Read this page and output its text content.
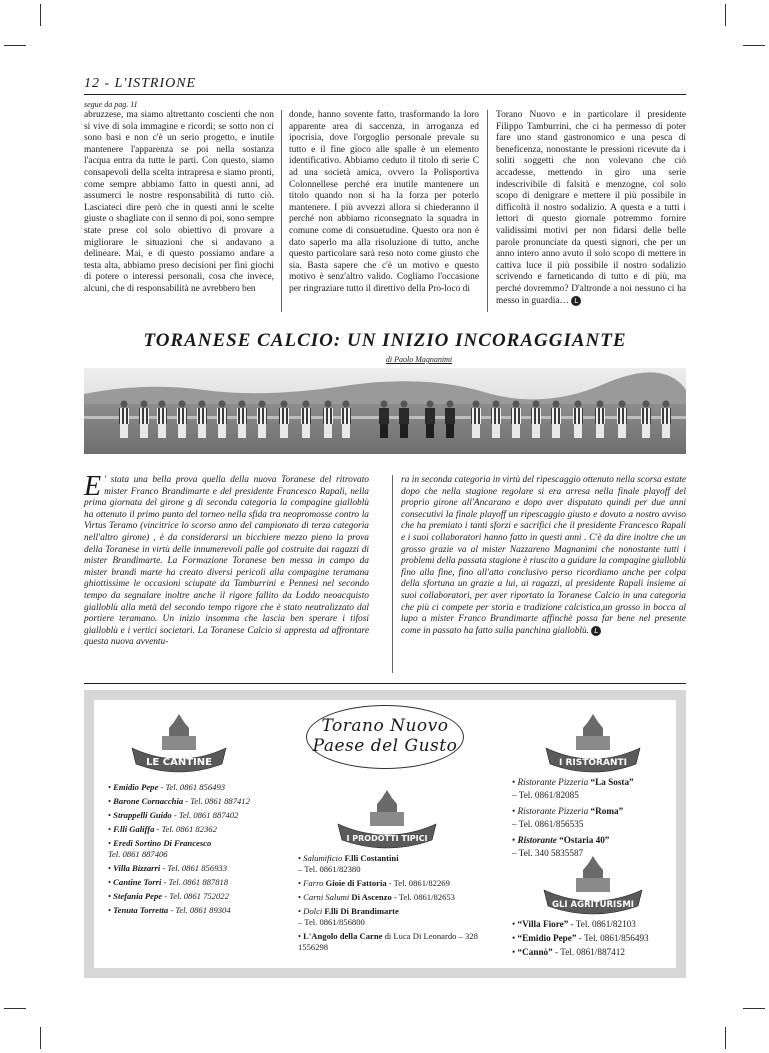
12 - L'ISTRIONE
segue da pag. 11
abruzzese, ma siamo altrettanto coscienti che non si vive di sola immagine e ricordi; se sotto non ci sono basi e non c'è un serio progetto, e inutile mantenere l'apparenza se poi nella sostanza l'acqua entra da tutte le parti. Con questo, siamo consapevoli della scelta intrapresa e siamo pronti, come sempre abbiamo fatto in questi anni, ad assumerci le nostre responsabilità di tutto ciò. Lasciateci dire però che in questi anni le scelte giuste o sbagliate con il senno di poi, sono sempre state prese col solo obiettivo di provare a migliorare le situazioni che si andavano a delineare. Mai, e di questo possiamo andare a testa alta, abbiamo preso decisioni per fini giochi di potere o interessi personali, cosa che invece, alcuni, che di responsabilità ne avrebbero ben
donde, hanno sovente fatto, trasformando la loro apparente area di saccenza, in arroganza ed ipocrisia, dove l'orgoglio personale prevale su tutto e il fine gioco alle spalle è un elemento identificativo. Abbiamo ceduto il titolo di serie C ad una società amica, ovvero la Polisportiva Colonnellese perché era inutile mantenere un titolo quando non si ha la forza per poterlo mantenere. I più avvezzi allora si chiederanno il perché non abbiamo riconsegnato la squadra in comune come di consuetudine. Questo ora non è dato saperlo ma alla risoluzione di tutto, anche questo particolare sarà reso noto come giusto che sia. Basta sapere che c'è un motivo e questo motivo è senz'altro valido. Cogliamo l'occasione per ringraziare tutto il direttivo della Pro-loco di
Torano Nuovo e in particolare il presidente Filippo Tamburrini, che ci ha permesso di poter fare uno stand gastronomico e una pesca di beneficenza, nonostante le pressioni ricevute da i soliti soggetti che non volevano che ciò accadesse, mettendo in giro una serie indescrivibile di falsità e menzogne, col solo scopo di denigrare e mettere il più possibile in difficoltà il nostro sodalizio. A questa e a tutti i lettori di questo giornale potremmo fornire validissimi motivi per non fidarsi delle belle parole pronunciate da questi signori, che per un anno intero anno avuto il solo scopo di mettere in cattiva luce il più possibile il nostro sodalizio scrivendo e farneticando di tutto e di più, ma perché dovremmo? D'altronde a noi nessuno ci ha messo in guardia… L
TORANESE CALCIO: UN INIZIO INCORAGGIANTE
di Paolo Magnanimi
E ' stata una bella prova quella della nuova Toranese del ritrovato mister Franco Brandimarte e del presidente Francesco Rapali, nella prima giornata del girone g di seconda categoria la compagine gialloblù ha ottenuto il primo punto del torneo nella sfida tra neopromosse contro la Virtus Teramo (vincitrice lo scorso anno del campionato di terza categoria nell'altro girone) , è da considerarsi un bicchiere mezzo pieno la prova della Toranese in virtù delle innumerevoli palle gol costruite dai ragazzi di mister Brandimarte. La Formazione Toranese ben messa in campo da mister brandi marte ha creato diversi pericoli alla compagine teramana ghiottissime le occasioni sciupate da Tamburrini e Pennesi nel secondo tempo da segnalare inoltre anche il rigore fallito da Loddo neoacquisto gialloblù alla metà del secondo tempo rigore che è stato neutralizzato dal portiere teramano. Un inizio insomma che lascia ben sperare i tifosi gialloblù e i vertici societari. La Toranese Calcio si appresta ad affrontare questa nuova avventu-
ra in seconda categoria in virtù del ripescaggio ottenuto nella scorsa estate dopo che nella stagione regolare si era arresa nella finale playoff del proprio girone all'Ancarano e dopo aver disputato quindi per due anni consecutivi la finale playoff un ripescaggio giusto e dovuto a nostro avviso che ha premiato i tanti sforzi e sacrifici che il presidente Francesco Rapali e i suoi collaboratori hanno fatto in questi anni . C'è da dire inoltre che un grosso grazie va al mister Nazzareno Magnanimi che nonostante tutti i problemi della passata stagione è riuscito a guidare la compagine gialloblù fino alla fine, fino all'atto conclusivo perso ricordiamo anche per colpa della sfortuna un grazie a lui, ai ragazzi, al presidente Rapali insieme ai suoi collaboratori, per aver riportato la Toranese Calcio in una categoria che più ci compete per storia e tradizione calcistica,un grosso in bocca al lupo a mister Franco Brandimarte affinchè possa far bene nel presente come in passato ha fatto sulla panchina gialloblù. L
Torano Nuovo
Paese del Gusto
LE CANTINE
I PRODOTTI TIPICI
I RISTORANTI
GLI AGRITURISMI
• Emidio Pepe - Tel. 0861 856493
• Barone Cornacchia - Tel. 0861 887412
• Strappelli Guido - Tel. 0861 887402
• F.lli Galiffa - Tel. 0861 82362
• Eredi Sortino Di Francesco
Tel. 0861 887406
• Villa Bizzarri - Tel. 0861 856933
• Cantine Torri - Tel. 0861 887818
• Stefania Pepe - Tel. 0861 752022
• Tenuta Torretta - Tel. 0861 89304
• Salumificio F.lli Costantini
– Tel. 0861/82380
• Farro Gioie di Fattoria - Tel. 0861/82269
• Carni Salumi Di Ascenzo - Tel. 0861/82653
• Dolci F.lli Di Brandimarte
– Tel. 0861/856800
• L'Angolo della Carne di Luca Di Leonardo – 328 1556298
• Ristorante Pizzeria “La Sosta”
– Tel. 0861/82085
• Ristorante Pizzeria “Roma”
– Tel. 0861/856535
• Ristorante “Ostaria 40”
– Tel. 340 5835587
• “Villa Fiore” - Tel. 0861/82103
• “Emidio Pepe” - Tel. 0861/856493
• “Cannò” - Tel. 0861/887412
